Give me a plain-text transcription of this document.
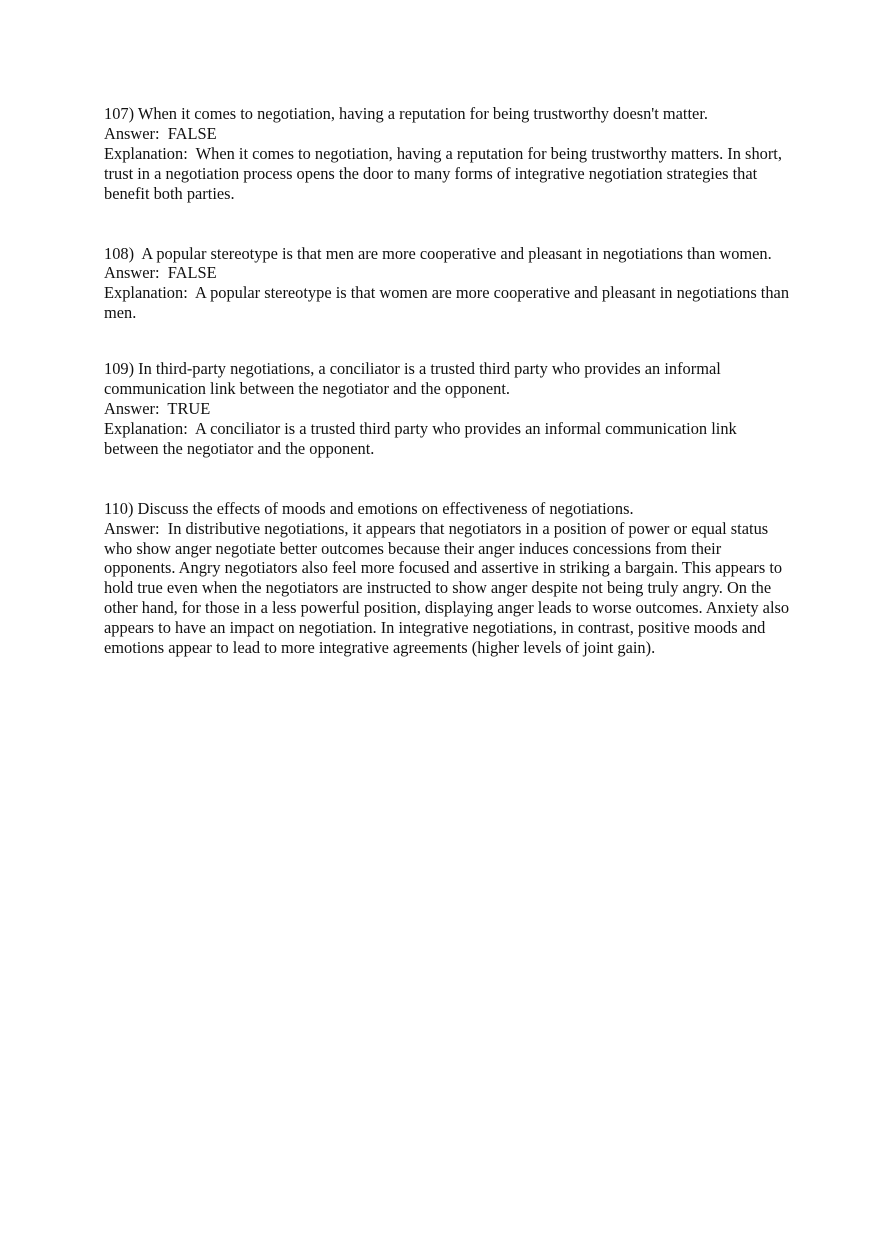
107) When it comes to negotiation, having a reputation for being trustworthy doesn't matter.

Answer:  FALSE

Explanation:  When it comes to negotiation, having a reputation for being trustworthy matters. In short, trust in a negotiation process opens the door to many forms of integrative negotiation strategies that benefit both parties.

108)  A popular stereotype is that men are more cooperative and pleasant in negotiations than women.

Answer:  FALSE

Explanation:  A popular stereotype is that women are more cooperative and pleasant in negotiations than men.

109) In third-party negotiations, a conciliator is a trusted third party who provides an informal communication link between the negotiator and the opponent.

Answer:  TRUE

Explanation:  A conciliator is a trusted third party who provides an informal communication link between the negotiator and the opponent.

110) Discuss the effects of moods and emotions on effectiveness of negotiations.

Answer:  In distributive negotiations, it appears that negotiators in a position of power or equal status who show anger negotiate better outcomes because their anger induces concessions from their opponents. Angry negotiators also feel more focused and assertive in striking a bargain. This appears to hold true even when the negotiators are instructed to show anger despite not being truly angry. On the other hand, for those in a less powerful position, displaying anger leads to worse outcomes. Anxiety also appears to have an impact on negotiation. In integrative negotiations, in contrast, positive moods and emotions appear to lead to more integrative agreements (higher levels of joint gain).
